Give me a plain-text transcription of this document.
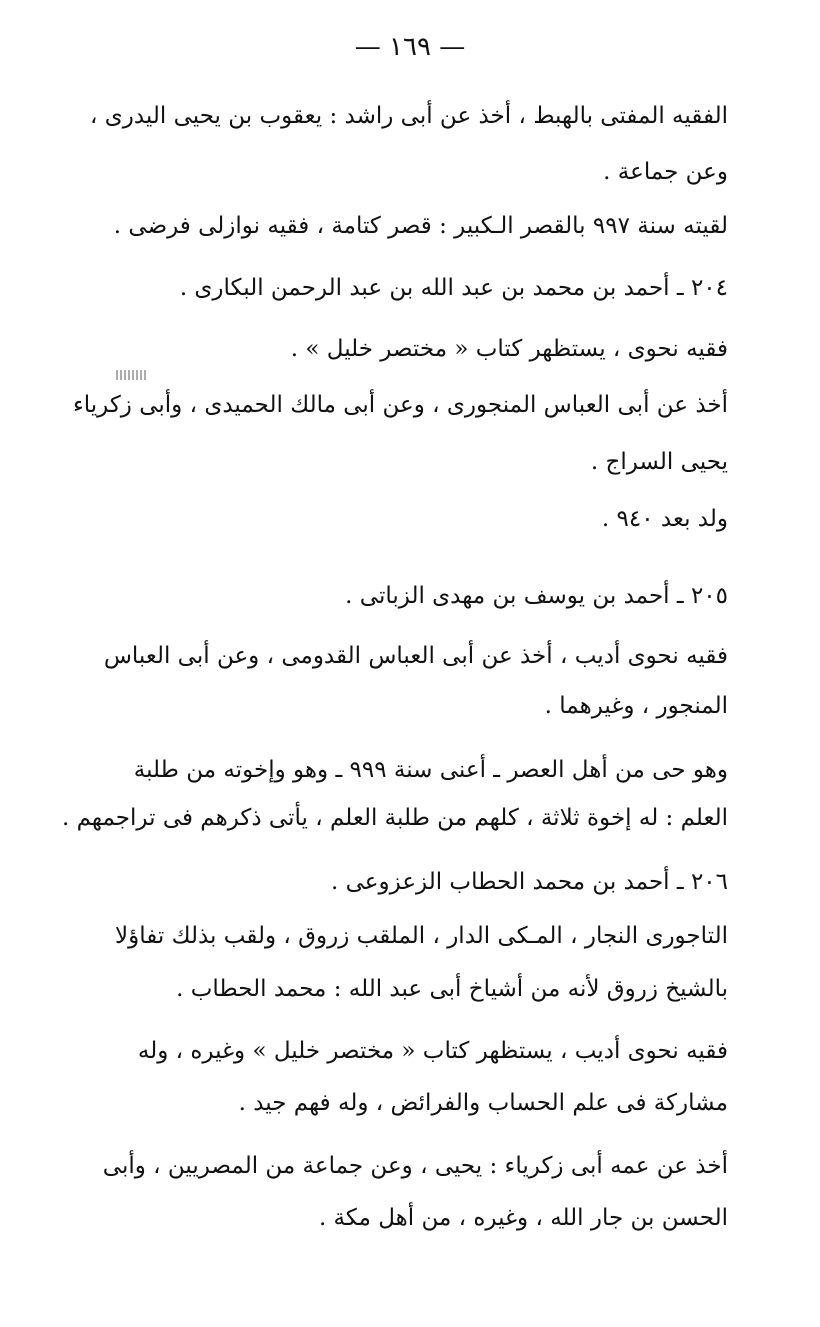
— ١٦٩ —
الفقيه المفتى بالهبط ، أخذ عن أبى راشد : يعقوب بن يحيى اليدرى ،
وعن جماعة .
لقيته سنة ٩٩٧ بالقصر الـكبير : قصر كتامة ، فقيه نوازلى فرضى .
٢٠٤ ـ أحمد بن محمد بن عبد الله بن عبد الرحمن البكارى .
فقيه نحوى ، يستظهر كتاب « مختصر خليل » .
أخذ عن أبى العباس المنجورى ، وعن أبى مالك الحميدى ، وأبى زكرياء
يحيى السراج .
ولد بعد ٩٤٠ .
٢٠٥ ـ أحمد بن يوسف بن مهدى الزباتى .
فقيه نحوى أديب ، أخذ عن أبى العباس القدومى ، وعن أبى العباس
المنجور ، وغيرهما .
وهو حى من أهل العصر ـ أعنى سنة ٩٩٩ ـ وهو وإخوته من طلبة
العلم : له إخوة ثلاثة ، كلهم من طلبة العلم ، يأتى ذكرهم فى تراجمهم .
٢٠٦ ـ أحمد بن محمد الحطاب الزعزوعى .
التاجورى النجار ، المـكى الدار ، الملقب زروق ، ولقب بذلك تفاؤلا
بالشيخ زروق لأنه من أشياخ أبى عبد الله : محمد الحطاب .
فقيه نحوى أديب ، يستظهر كتاب « مختصر خليل » وغيره ، وله
مشاركة فى علم الحساب والفرائض ، وله فهم جيد .
أخذ عن عمه أبى زكرياء : يحيى ، وعن جماعة من المصريين ، وأبى
الحسن بن جار الله ، وغيره ، من أهل مكة .
